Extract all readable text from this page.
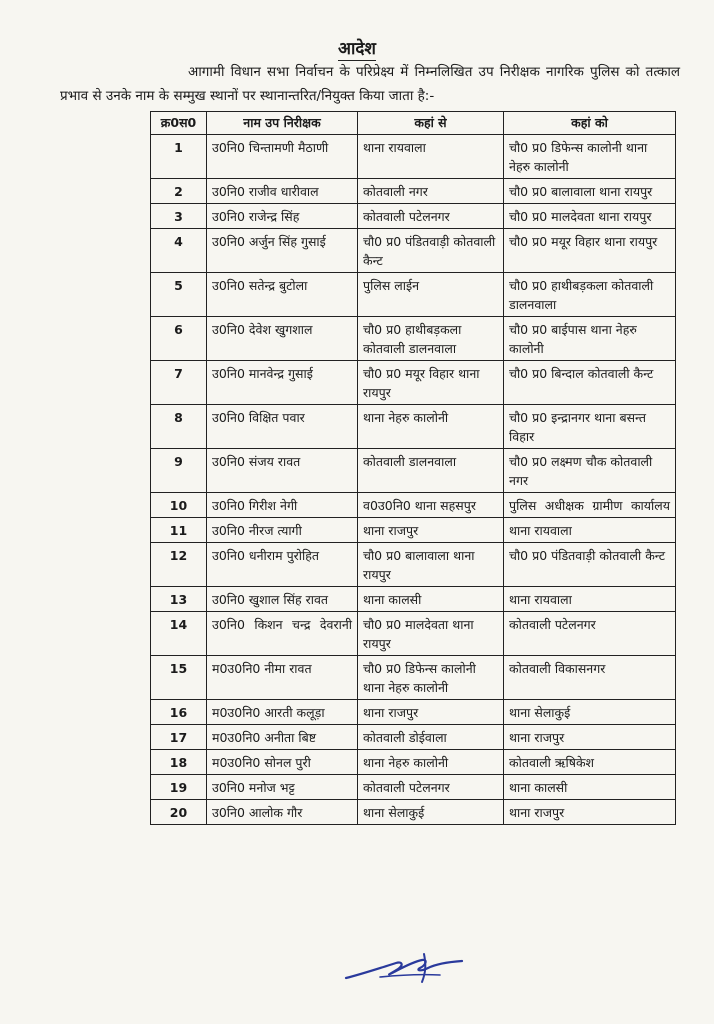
आदेश
आगामी विधान सभा निर्वाचन के परिप्रेक्ष्य में निम्नलिखित उप निरीक्षक नागरिक पुलिस को तत्काल प्रभाव से उनके नाम के सम्मुख स्थानों पर स्थानान्तरित/नियुक्त किया जाता है:-
क्र0स0	नाम उप निरीक्षक	कहां से	कहां को
1	उ0नि0 चिन्तामणी मैठाणी	थाना रायवाला	चौ0 प्र0 डिफेन्स कालोनी थाना नेहरु कालोनी
2	उ0नि0 राजीव धारीवाल	कोतवाली नगर	चौ0 प्र0 बालावाला थाना रायपुर
3	उ0नि0 राजेन्द्र सिंह	कोतवाली पटेलनगर	चौ0 प्र0 मालदेवता थाना रायपुर
4	उ0नि0 अर्जुन सिंह गुसाई	चौ0 प्र0 पंडितवाड़ी कोतवाली कैन्ट	चौ0 प्र0 मयूर विहार थाना रायपुर
5	उ0नि0 सतेन्द्र बुटोला	पुलिस लाईन	चौ0 प्र0 हाथीबड़कला कोतवाली डालनवाला
6	उ0नि0 देवेश खुगशाल	चौ0 प्र0 हाथीबड़कला कोतवाली डालनवाला	चौ0 प्र0 बाईपास थाना नेहरु कालोनी
7	उ0नि0 मानवेन्द्र गुसाई	चौ0 प्र0 मयूर विहार थाना रायपुर	चौ0 प्र0 बिन्दाल कोतवाली कैन्ट
8	उ0नि0 विक्षित पवार	थाना नेहरु कालोनी	चौ0 प्र0 इन्द्रानगर थाना बसन्त विहार
9	उ0नि0 संजय रावत	कोतवाली डालनवाला	चौ0 प्र0 लक्ष्मण चौक कोतवाली नगर
10	उ0नि0 गिरीश नेगी	व0उ0नि0 थाना सहसपुर	पुलिस अधीक्षक ग्रामीण कार्यालय
11	उ0नि0 नीरज त्यागी	थाना राजपुर	थाना रायवाला
12	उ0नि0 धनीराम पुरोहित	चौ0 प्र0 बालावाला थाना रायपुर	चौ0 प्र0 पंडितवाड़ी कोतवाली कैन्ट
13	उ0नि0 खुशाल सिंह रावत	थाना कालसी	थाना रायवाला
14	उ0नि0 किशन चन्द्र देवरानी	चौ0 प्र0 मालदेवता थाना रायपुर	कोतवाली पटेलनगर
15	म0उ0नि0 नीमा रावत	चौ0 प्र0 डिफेन्स कालोनी थाना नेहरु कालोनी	कोतवाली विकासनगर
16	म0उ0नि0 आरती कलूड़ा	थाना राजपुर	थाना सेलाकुई
17	म0उ0नि0 अनीता बिष्ट	कोतवाली डोईवाला	थाना राजपुर
18	म0उ0नि0 सोनल पुरी	थाना नेहरु कालोनी	कोतवाली ऋषिकेश
19	उ0नि0 मनोज भट्ट	कोतवाली पटेलनगर	थाना कालसी
20	उ0नि0 आलोक गौर	थाना सेलाकुई	थाना राजपुर
